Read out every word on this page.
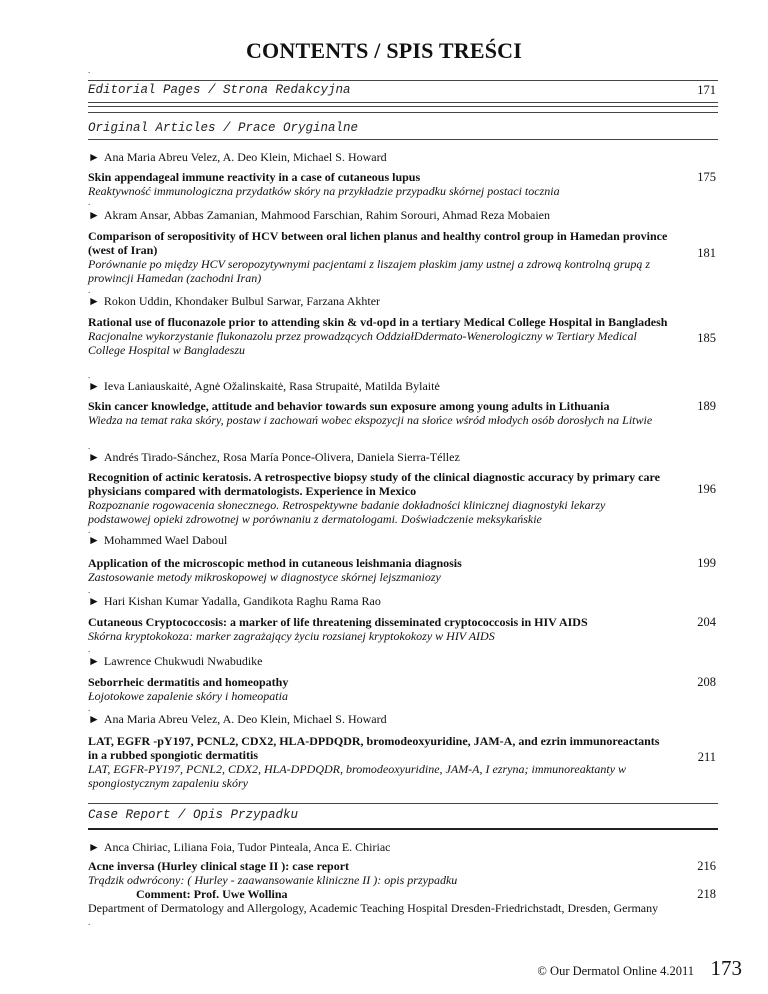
CONTENTS / SPIS TREŚCI
.
Editorial Pages / Strona Redakcyjna	171
Original Articles / Prace Oryginalne
► Ana Maria Abreu Velez, A. Deo Klein, Michael S. Howard
Skin appendageal immune reactivity in a case of cutaneous lupus
Reaktywność immunologiczna przydatków skóry na przykładzie przypadku skórnej postaci tocznia
175
.
► Akram Ansar, Abbas Zamanian, Mahmood Farschian, Rahim Sorouri, Ahmad Reza Mobaien
Comparison of seropositivity of HCV between oral lichen planus and healthy control group in Hamedan province (west of Iran)
Porównanie po między HCV seropozytywnymi pacjentami z liszajem płaskim jamy ustnej a zdrową kontrolną grupą z prowincji Hamedan (zachodni Iran)
181
.
► Rokon Uddin, Khondaker Bulbul Sarwar, Farzana Akhter
Rational use of fluconazole prior to attending skin & vd-opd in a tertiary Medical College Hospital in Bangladesh
Racjonalne wykorzystanie flukonazolu przez prowadzących OddziałDdermato-Wenerologiczny w Tertiary Medical College Hospital w Bangladeszu
185
.
► Ieva Laniauskaitė, Agnė Ožalinskaitė, Rasa Strupaitė, Matilda Bylaitė
Skin cancer knowledge, attitude and behavior towards sun exposure among young adults in Lithuania
Wiedza na temat raka skóry, postaw i zachowań wobec ekspozycji na słońce wśród młodych osób dorosłych na Litwie
189
.
► Andrés Tirado-Sánchez, Rosa María Ponce-Olivera, Daniela Sierra-Téllez
Recognition of actinic keratosis. A retrospective biopsy study of the clinical diagnostic accuracy by primary care physicians compared with dermatologists. Experience in Mexico
Rozpoznanie rogowacenia słonecznego. Retrospektywne badanie dokładności klinicznej diagnostyki lekarzy podstawowej opieki zdrowotnej w porównaniu z dermatologami. Doświadczenie meksykańskie
196
.
► Mohammed Wael Daboul
Application of the microscopic method in cutaneous leishmania diagnosis
Zastosowanie metody mikroskopowej w diagnostyce skórnej lejszmaniozy
199
.
► Hari Kishan Kumar Yadalla, Gandikota Raghu Rama Rao
Cutaneous Cryptococcosis: a marker of life threatening disseminated cryptococcosis in HIV AIDS
Skórna kryptokokoza: marker zagrażający życiu rozsianej kryptokokozy w HIV AIDS
204
.
► Lawrence Chukwudi Nwabudike
Seborrheic dermatitis and homeopathy
Łojotokowe zapalenie skóry i homeopatia
208
.
► Ana Maria Abreu Velez, A. Deo Klein, Michael S. Howard
LAT, EGFR -pY197, PCNL2, CDX2, HLA-DPDQDR, bromodeoxyuridine, JAM-A, and ezrin immunoreactants in a rubbed spongiotic dermatitis
LAT, EGFR-PY197, PCNL2, CDX2, HLA-DPDQDR, bromodeoxyuridine, JAM-A, I ezryna; immunoreaktanty w spongiostycznym zapaleniu skóry
211
Case Report / Opis Przypadku
► Anca Chiriac, Liliana Foia, Tudor Pinteala, Anca E. Chiriac
Acne inversa (Hurley clinical stage II ): case report
Trądzik odwrócony: ( Hurley - zaawansowanie kliniczne II ): opis przypadku
Comment: Prof. Uwe Wollina
Department of Dermatology and Allergology, Academic Teaching Hospital Dresden-Friedrichstadt, Dresden, Germany
216
218
.
© Our Dermatol Online 4.2011 173
